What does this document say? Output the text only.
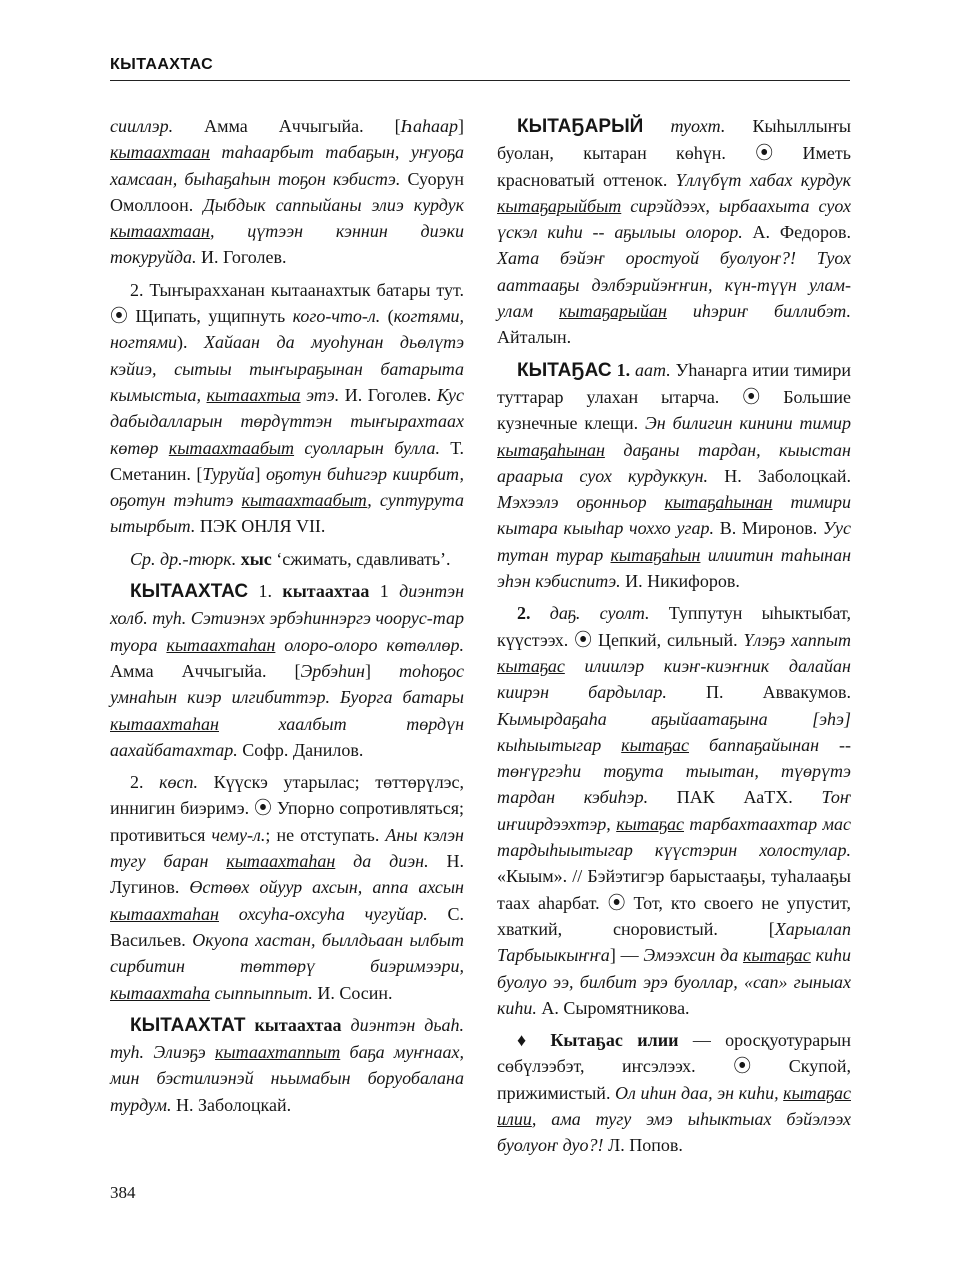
КЫТААХТАС

сииллэр. Амма Аччыгыйа. [Һаһаар] кытаахтаан таһаарбыт табаҕын, уҥуоҕа хамсаан, быһаҕаһын тоҕон кэбистэ. Суорун Омоллоон. Дыбдык саппыйаны элиэ курдук кытаахтаан, цүтээн кэннин диэки токуруйда. И. Гоголев.

2. Тыҥырахханан кытаанахтык батары тут. ⦿ Щипать, ущипнуть кого-что-л. (когтями, ногтями). Хайаан да муоһунан дьөлүтэ кэйиэ, сытыы тыҥыраҕынан батарыта кымыстыа, кытаахтыа этэ. И. Гоголев. Кус дабыдалларын төрдүттэн тыҥырахтаах көтөр кытаахтаабыт суолларын булла. Т. Сметанин. [Туруйа] оҕотун биһигэр киирбит, оҕотун тэһитэ кытаахтаабыт, суптурута ытырбыт. ПЭК ОНЛЯ VII.

Ср. др.-тюрк. хыс ‘сжимать, сдавливать’.

КЫТААХТАС 1. кытаахтаа 1 диэнтэн холб. туһ. Сэтиэнэх эрбэһиннэргэ чоорус-тар туора кытаахтаһан олоро-олоро көтөллөр. Амма Аччыгыйа. [Эрбэһин] тоһоҕос умнаһын киэр илгибиттэр. Буорга батары кытаахтаһан хаалбыт төрдүн аахайбатахтар. Софр. Данилов.

2. көсп. Күүскэ утарылас; төттөрүлэс, иннигин биэримэ. ⦿ Упорно сопротивляться; противиться чему-л.; не отступать. Аны кэлэн тугу баран кытаахтаһан да диэн. Н. Лугинов. Өстөөх ойуур ахсын, аппа ахсын кытаахтаһан охсуһа-охсуһа чугуйар. С. Васильев. Окуопа хастан, быллдьаан ылбыт сирбитин төттөрү биэримээри, кытаахтаһа сыппыппыт. И. Сосин.

КЫТААХТАТ кытаахтаа диэнтэн дьаһ. туһ. Элиэҕэ кытаахтаппыт баҕа муҥнаах, мин бэстилиэнэй ньымабын боруобалана турдум. Н. Заболоцкай.

КЫТАҔАРЫЙ туохт. Кыһыллыҥы буолан, кытаран көһүн. ⦿ Иметь красноватый оттенок. Үллүбүт хабах курдук кытаҕарыйбыт сирэйдээх, ырбаахыта суох үскэл киһи -- аҕылыы олорор. А. Федоров. Хата бэйэҥ оростуой буолуоҥ?! Туох ааттааҕы дэлбэрийэҥҥин, күн-түүн улам-улам кытаҕарыйан иһэриҥ биллибэт. Айталын.

КЫТАҔАС 1. аат. Уһанарга итии тимири туттарар улахан ытарча. ⦿ Большие кузнечные клещи. Эн билигин кинини тимир кытаҕаһынан даҕаны тардан, кыыстан араарыа суох курдуккун. Н. Заболоцкай. Мэхээлэ оҕонньор кытаҕаһынан тимири кытара кыыһар чоххо угар. В. Миронов. Уус тутан турар кытаҕаһын илиитин таһынан эһэн кэбиспитэ. И. Никифоров.

2. даҕ. суолт. Туппутун ыһыктыбат, күүстээх. ⦿ Цепкий, сильный. Үлэҕэ хаппыт кытаҕас илиилэр киэҥ-киэҥник далайан киирэн бардылар. П. Аввакумов. Кымырдаҕаһа аҕыйаатаҕына [эһэ] кыһыытыгар кытаҕас баппаҕайынан -- төҥүргэһи тоҕута тыытан, түөрүтэ тардан кэбиһэр. ПАК АаТХ. Тоҥ иҥиирдээхтэр, кытаҕас тарбахтаахтар мас тардыһыытыгар күүстэрин холостулар. «Кыым». // Бэйэтигэр барыстааҕы, туһалааҕы таах аһарбат. ⦿ Тот, кто своего не упустит, хваткий, сноровистый. [Харыалап Тарбыыкыҥҥа] — Эмээхсин да кытаҕас киһи буолуо ээ, билбит эрэ буоллар, «сап» гыныах киһи. А. Сыромятникова.

♦ Кытаҕас илии — оросқуотурарын сөбүлээбэт, иҥсэлээх. ⦿ Скупой, прижимистый. Ол иһин даа, эн киһи, кытаҕас илии, ама тугу эмэ ыһыктыах бэйэлээх буолуоҥ дуо?! Л. Попов.

384
